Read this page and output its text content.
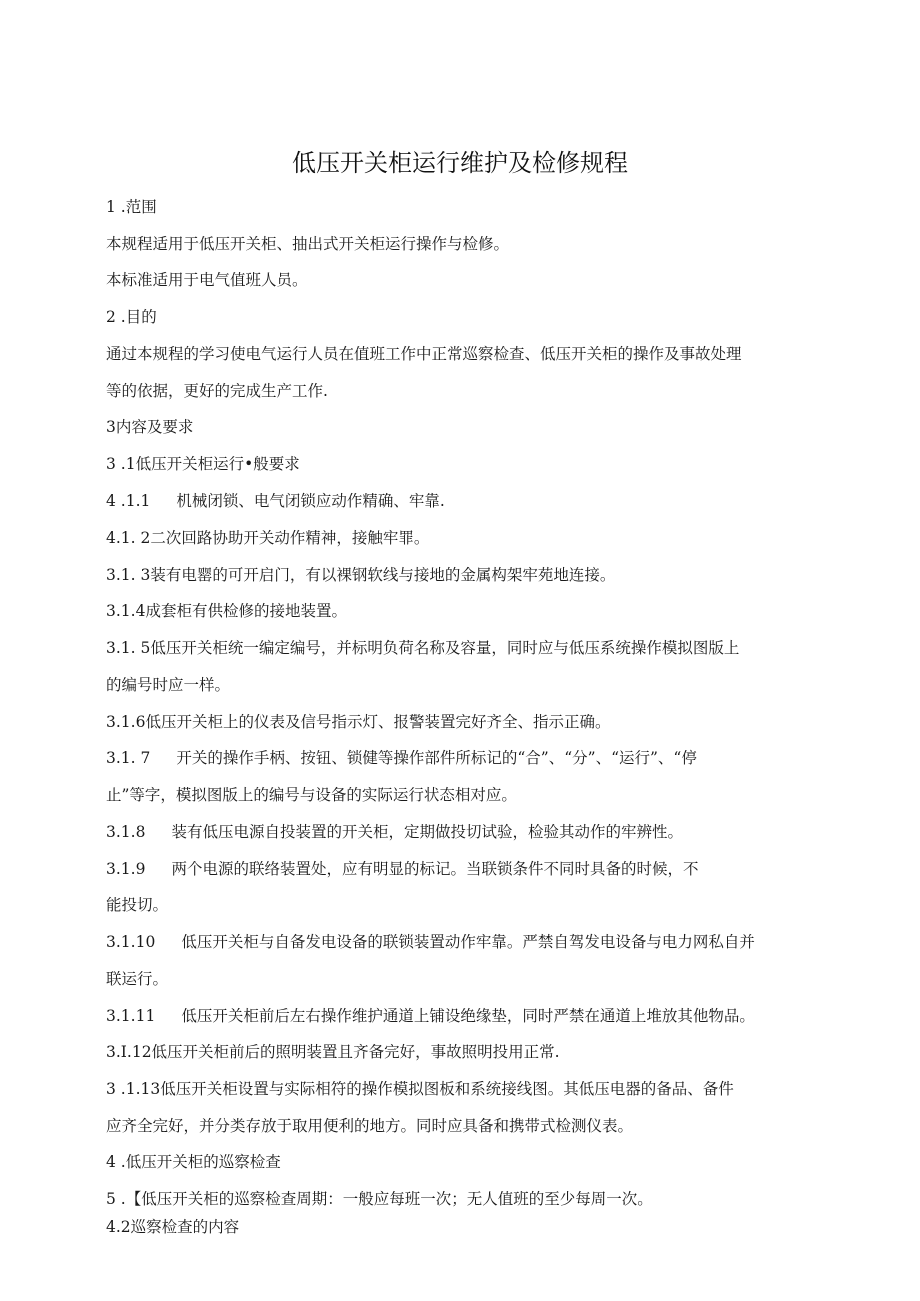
低压开关柜运行维护及检修规程
1 .范围
本规程适用于低压开关柜、抽出式开关柜运行操作与检修。
本标准适用于电气值班人员。
2 .目的
通过本规程的学习使电气运行人员在值班工作中正常巡察检查、低压开关柜的操作及事故处理
等的依据，更好的完成生产工作.
3内容及要求
3 .1低压开关柜运行•般要求
4 .1.1 机械闭锁、电气闭锁应动作精确、牢靠.
4.1. 2二次回路协助开关动作精神，接触牢罪。
3.1. 3装有电罂的可开启门，有以裸钢软线与接地的金属构架牢苑地连接。
3.1.4成套柜有供检修的接地装置。
3.1. 5低压开关柜统一编定编号，并标明负荷名称及容量，同时应与低压系统操作模拟图版上
的编号时应一样。
3.1.6低压开关柜上的仪表及信号指示灯、报警装置完好齐全、指示正确。
3.1. 7 开关的操作手柄、按钮、锁健等操作部件所标记的“合”、“分”、“运行”、“停
止”等字，模拟图版上的编号与设备的实际运行状态相对应。
3.1.8 装有低压电源自投装置的开关柜，定期做投切试验，检验其动作的牢辨性。
3.1.9 两个电源的联络装置处，应有明显的标记。当联锁条件不同时具备的时候，不
能投切。
3.1.10 低压开关柜与自备发电设备的联锁装置动作牢靠。严禁自驾发电设备与电力网私自并
联运行。
3.1.11 低压开关柜前后左右操作维护通道上铺设绝缘垫，同时严禁在通道上堆放其他物品。
3.I.12低压开关柜前后的照明装置且齐备完好，事故照明投用正常.
3 .1.13低压开关柜设置与实际相符的操作模拟图板和系统接线图。其低压电器的备品、备件
应齐全完好，并分类存放于取用便利的地方。同时应具备和携带式检测仪表。
4 .低压开关柜的巡察检查
5 .【低压开关柜的巡察检查周期：一般应每班一次；无人值班的至少每周一次。
4.2巡察检查的内容
